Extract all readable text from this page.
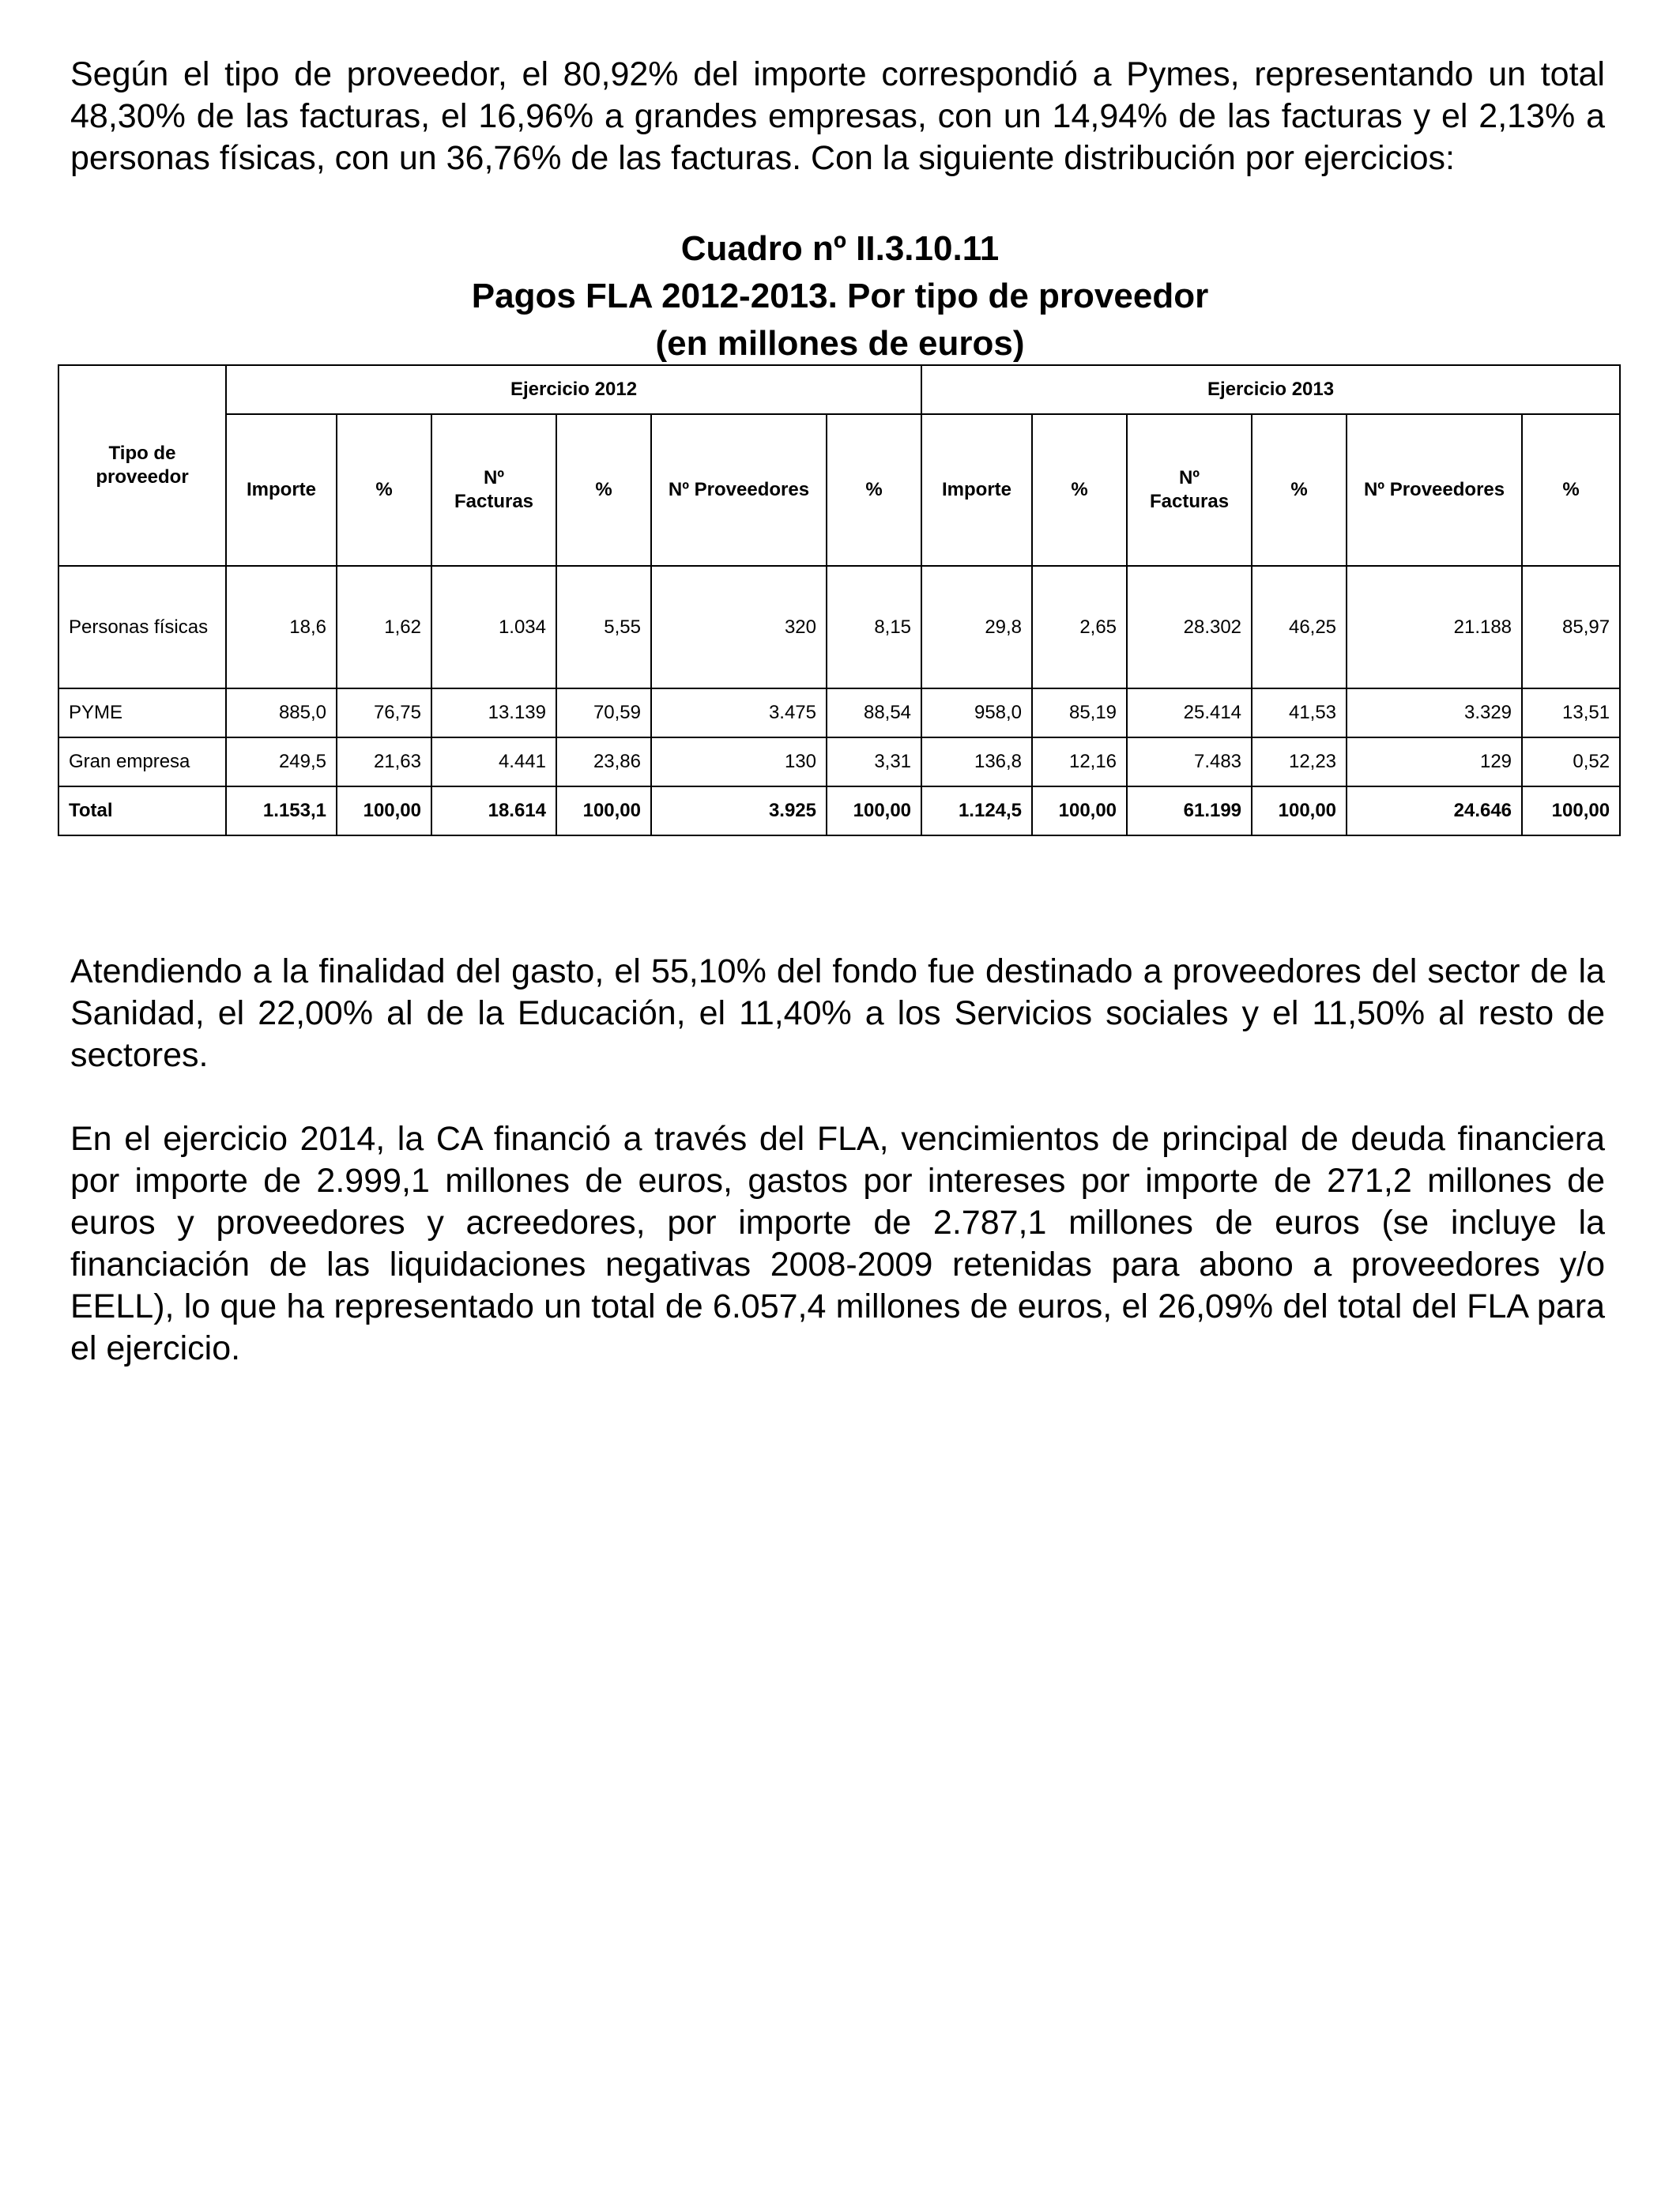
Según el tipo de proveedor, el 80,92% del importe correspondió a Pymes, representando un total 48,30% de las facturas, el 16,96% a grandes empresas, con un 14,94% de las facturas y el 2,13% a personas físicas, con un 36,76% de las facturas. Con la siguiente distribución por ejercicios:

Cuadro nº II.3.10.11
Pagos FLA 2012-2013. Por tipo de proveedor
(en millones de euros)
Tipo de proveedor	Ejercicio 2012						Ejercicio 2013					
	Importe	%	Nº Facturas	%	Nº Proveedores	%	Importe	%	Nº Facturas	%	Nº Proveedores	%
Personas físicas	18,6	1,62	1.034	5,55	320	8,15	29,8	2,65	28.302	46,25	21.188	85,97
PYME	885,0	76,75	13.139	70,59	3.475	88,54	958,0	85,19	25.414	41,53	3.329	13,51
Gran empresa	249,5	21,63	4.441	23,86	130	3,31	136,8	12,16	7.483	12,23	129	0,52
Total	1.153,1	100,00	18.614	100,00	3.925	100,00	1.124,5	100,00	61.199	100,00	24.646	100,00

Atendiendo a la finalidad del gasto, el 55,10% del fondo fue destinado a proveedores del sector de la Sanidad, el 22,00% al de la Educación, el 11,40% a los Servicios sociales y el 11,50% al resto de sectores.

En el ejercicio 2014, la CA financió a través del FLA, vencimientos de principal de deuda financiera por importe de 2.999,1 millones de euros, gastos por intereses por importe de 271,2 millones de euros y proveedores y acreedores, por importe de 2.787,1 millones de euros (se incluye la financiación de las liquidaciones negativas 2008-2009 retenidas para abono a proveedores y/o EELL), lo que ha representado un total de 6.057,4 millones de euros, el 26,09% del total del FLA para el ejercicio.
